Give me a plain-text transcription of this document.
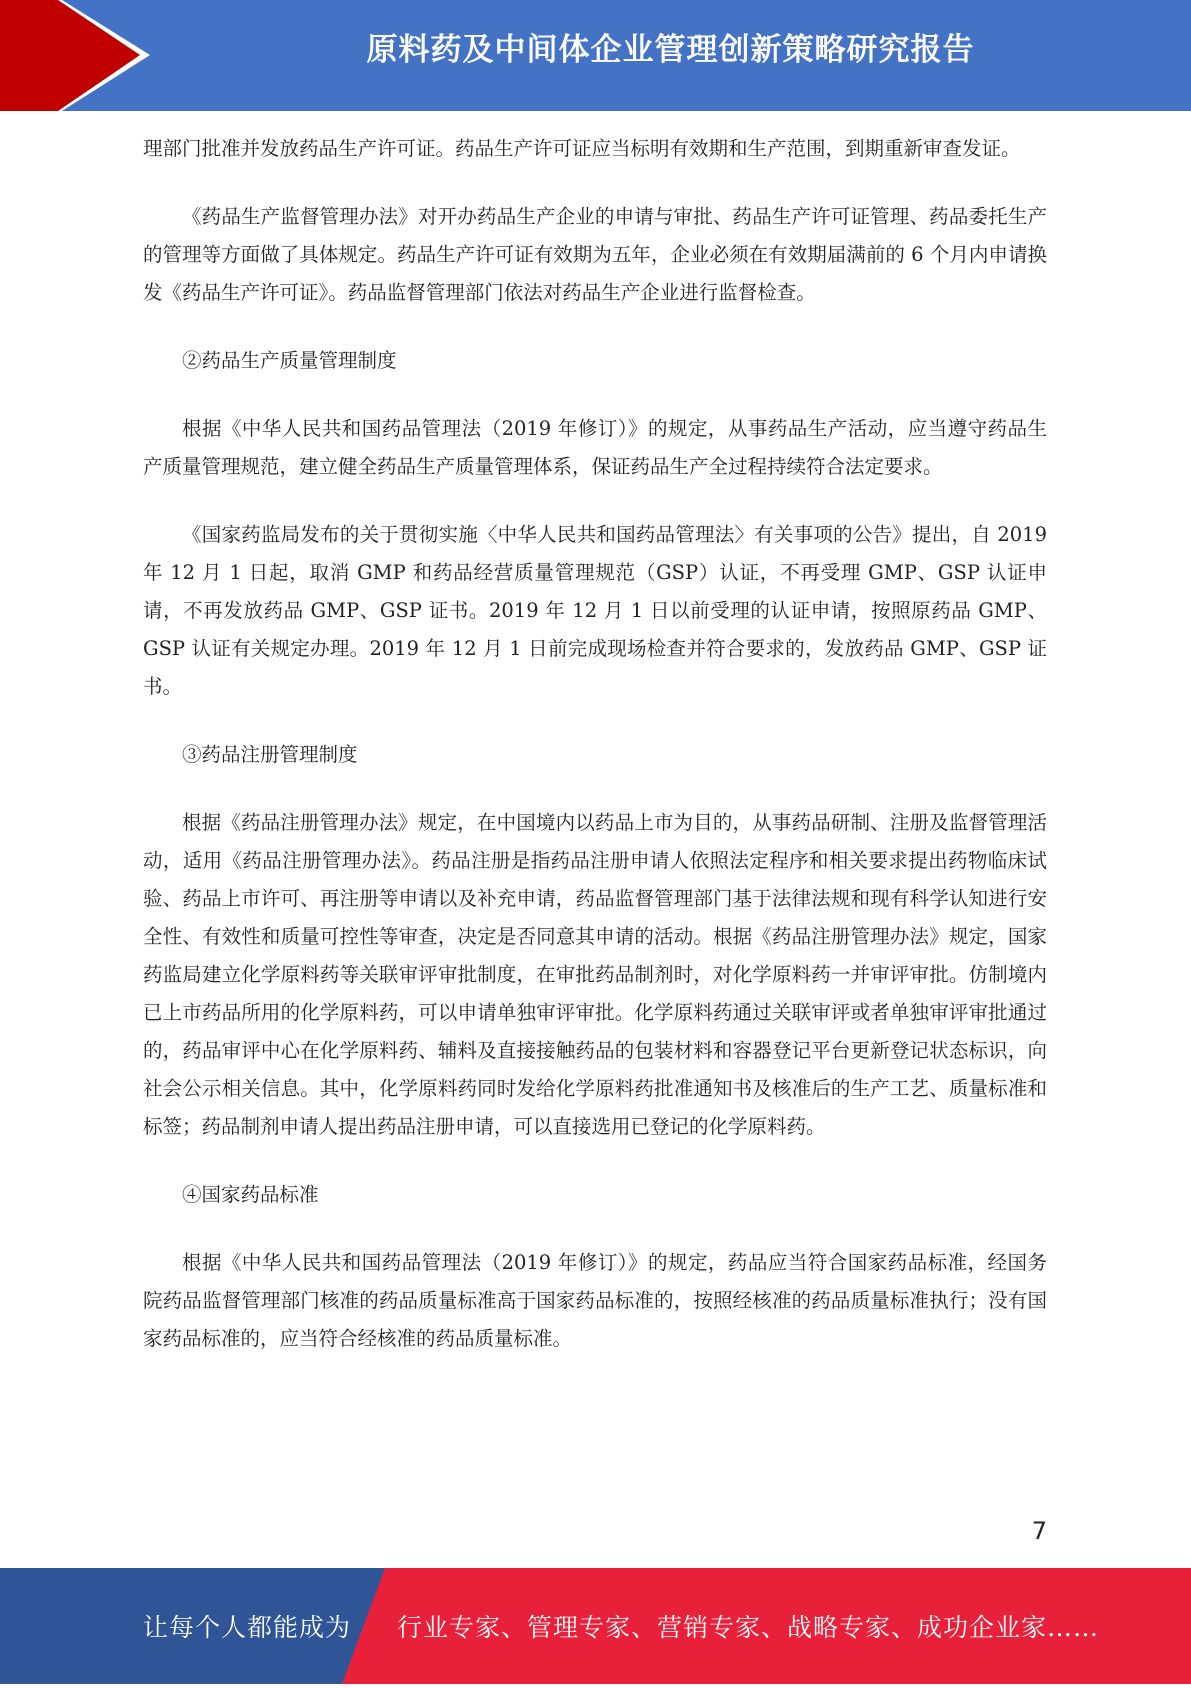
原料药及中间体企业管理创新策略研究报告

理部门批准并发放药品生产许可证。药品生产许可证应当标明有效期和生产范围，到期重新审查发证。

《药品生产监督管理办法》对开办药品生产企业的申请与审批、药品生产许可证管理、药品委托生产的管理等方面做了具体规定。药品生产许可证有效期为五年，企业必须在有效期届满前的 6 个月内申请换发《药品生产许可证》。药品监督管理部门依法对药品生产企业进行监督检查。

②药品生产质量管理制度

根据《中华人民共和国药品管理法（2019 年修订）》的规定，从事药品生产活动，应当遵守药品生产质量管理规范，建立健全药品生产质量管理体系，保证药品生产全过程持续符合法定要求。

《国家药监局发布的关于贯彻实施〈中华人民共和国药品管理法〉有关事项的公告》提出，自 2019 年 12 月 1 日起，取消 GMP 和药品经营质量管理规范（GSP）认证，不再受理 GMP、GSP 认证申请，不再发放药品 GMP、GSP 证书。2019 年 12 月 1 日以前受理的认证申请，按照原药品 GMP、GSP 认证有关规定办理。2019 年 12 月 1 日前完成现场检查并符合要求的，发放药品 GMP、GSP 证书。

③药品注册管理制度

根据《药品注册管理办法》规定，在中国境内以药品上市为目的，从事药品研制、注册及监督管理活动，适用《药品注册管理办法》。药品注册是指药品注册申请人依照法定程序和相关要求提出药物临床试验、药品上市许可、再注册等申请以及补充申请，药品监督管理部门基于法律法规和现有科学认知进行安全性、有效性和质量可控性等审查，决定是否同意其申请的活动。根据《药品注册管理办法》规定，国家药监局建立化学原料药等关联审评审批制度，在审批药品制剂时，对化学原料药一并审评审批。仿制境内已上市药品所用的化学原料药，可以申请单独审评审批。化学原料药通过关联审评或者单独审评审批通过的，药品审评中心在化学原料药、辅料及直接接触药品的包装材料和容器登记平台更新登记状态标识，向社会公示相关信息。其中，化学原料药同时发给化学原料药批准通知书及核准后的生产工艺、质量标准和标签；药品制剂申请人提出药品注册申请，可以直接选用已登记的化学原料药。

④国家药品标准

根据《中华人民共和国药品管理法（2019 年修订）》的规定，药品应当符合国家药品标准，经国务院药品监督管理部门核准的药品质量标准高于国家药品标准的，按照经核准的药品质量标准执行；没有国家药品标准的，应当符合经核准的药品质量标准。

7
让每个人都能成为 行业专家、管理专家、营销专家、战略专家、成功企业家……
